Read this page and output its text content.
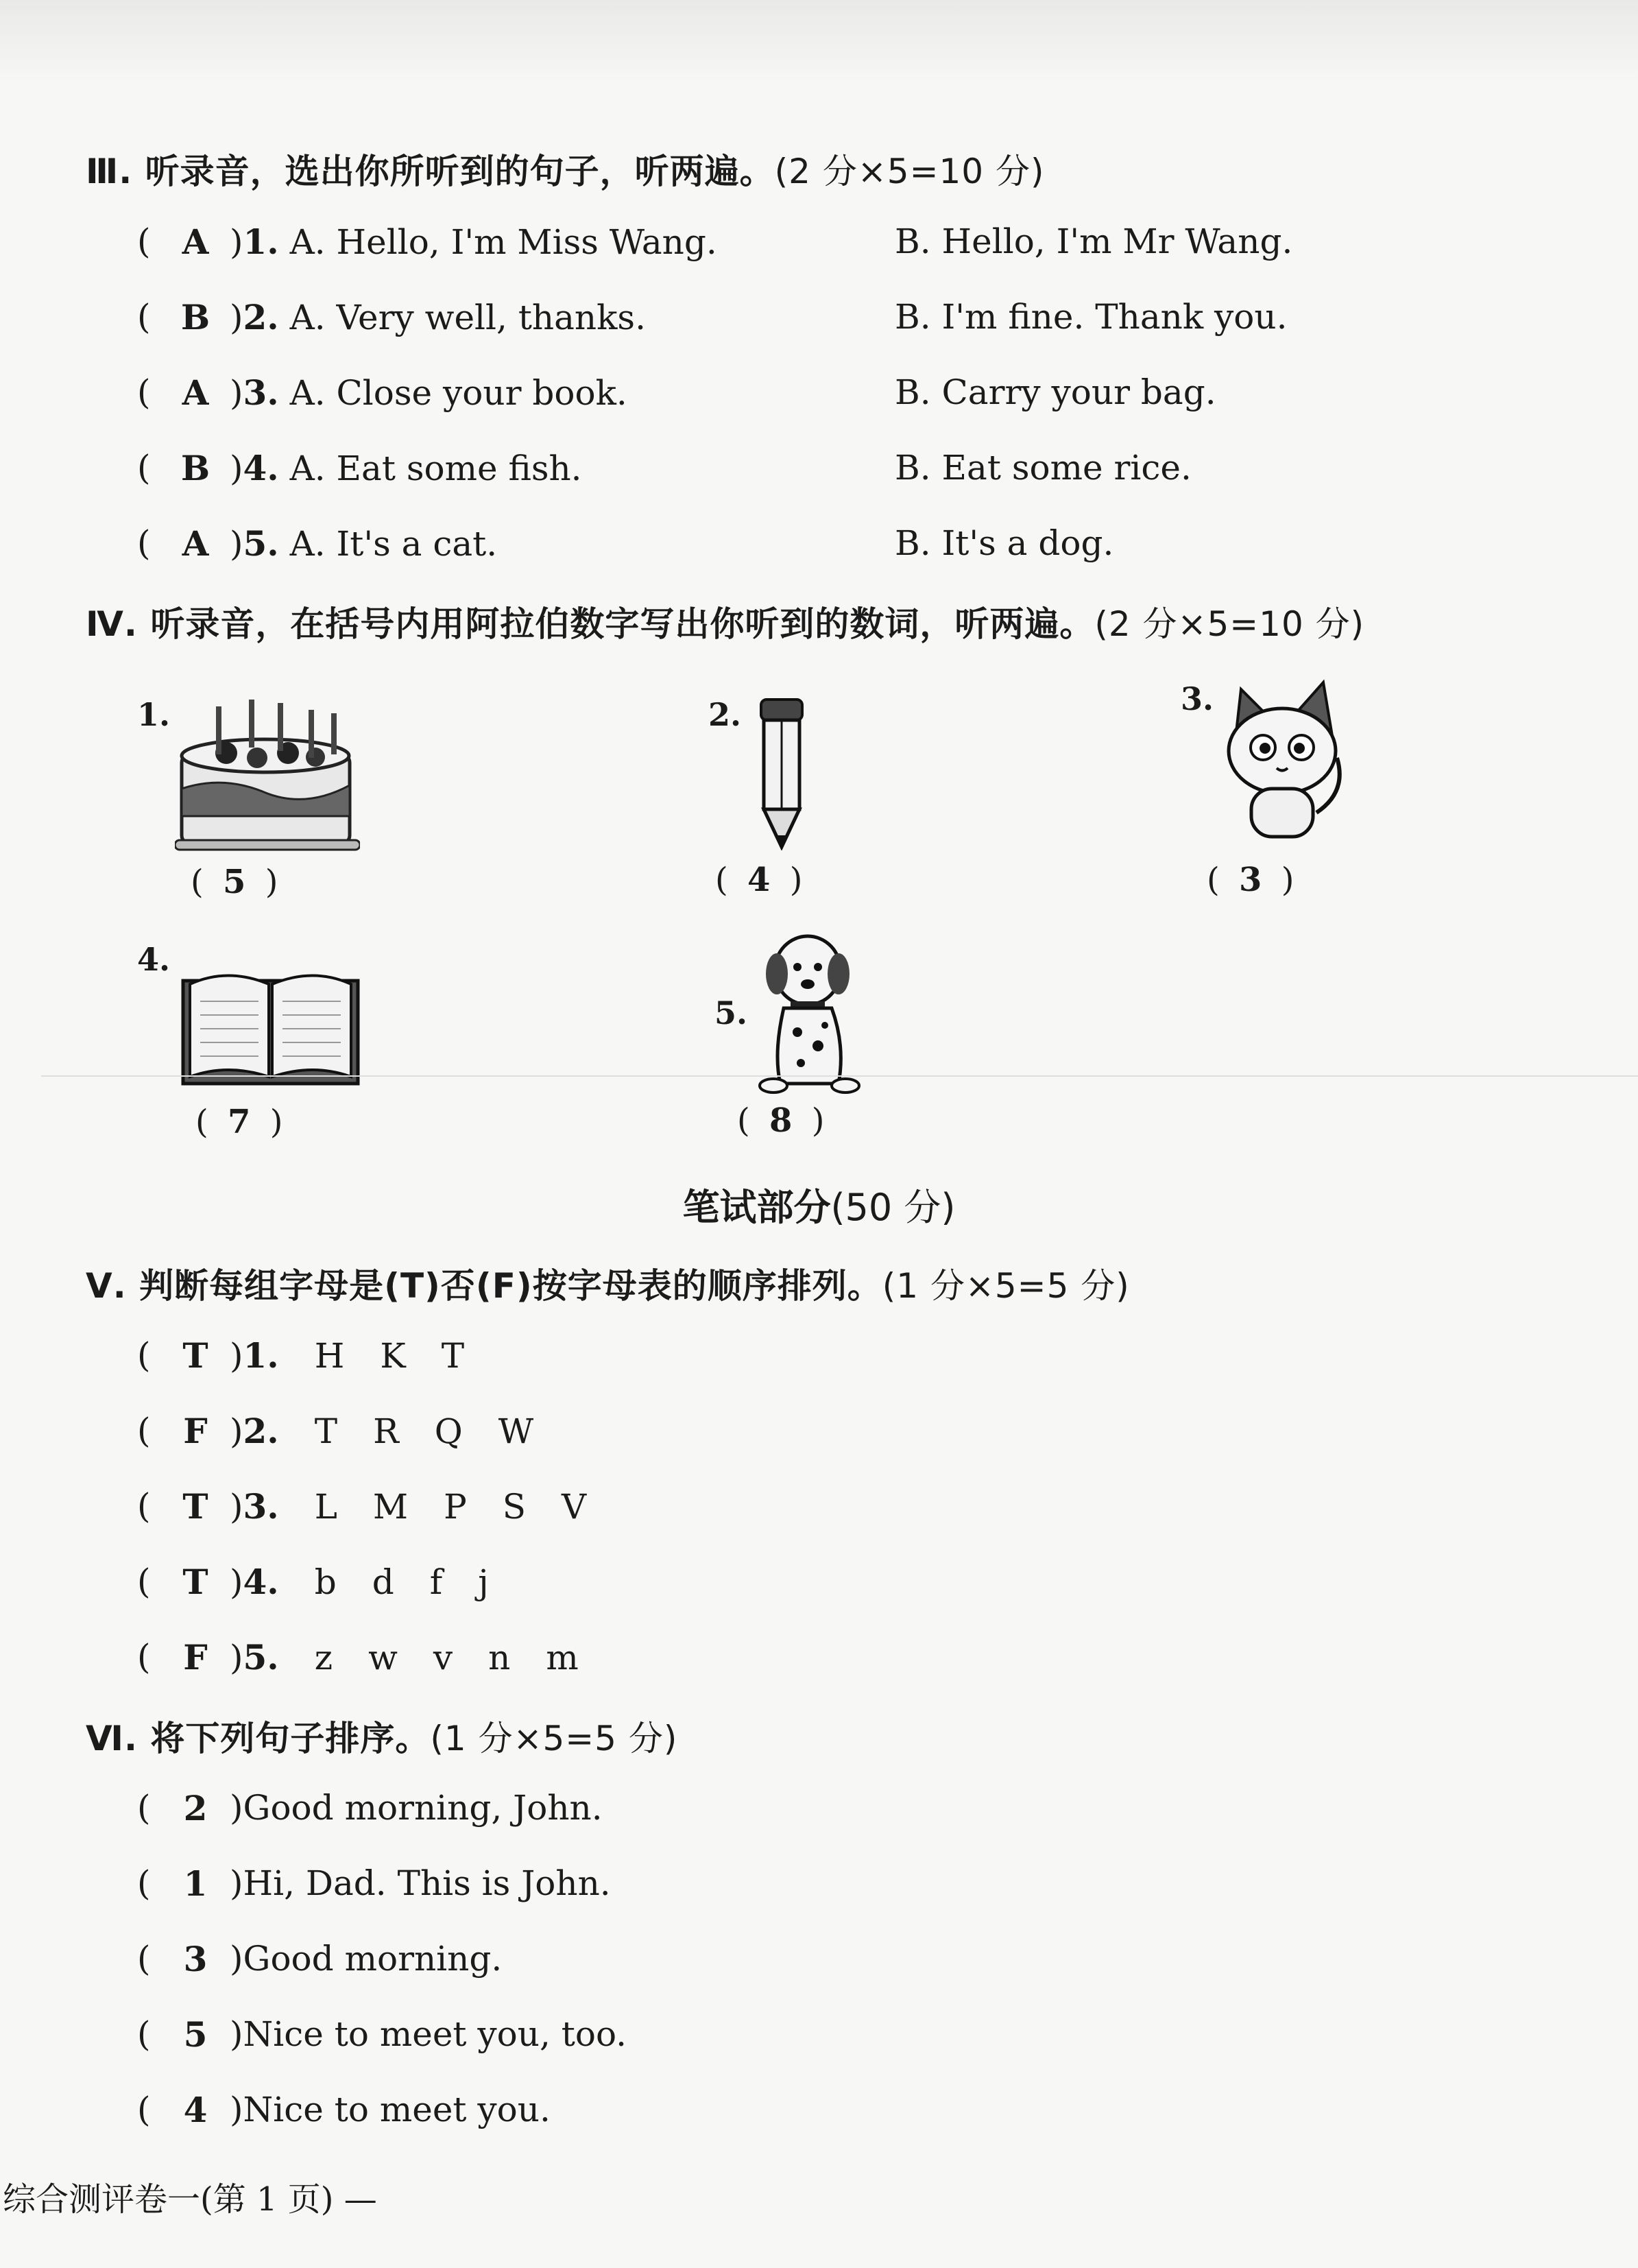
Ⅲ. 听录音，选出你所听到的句子，听两遍。(2 分×5=10 分)
( A )1. A. Hello, I'm Miss Wang.	B. Hello, I'm Mr Wang.
( B )2. A. Very well, thanks.	B. I'm fine. Thank you.
( A )3. A. Close your book.	B. Carry your bag.
( B )4. A. Eat some fish.	B. Eat some rice.
( A )5. A. It's a cat.	B. It's a dog.
Ⅳ. 听录音，在括号内用阿拉伯数字写出你听到的数词，听两遍。(2 分×5=10 分)
1.
( 5 )
2.
( 4 )
3.
( 3 )
4.
( 7 )
5.
( 8 )
笔试部分(50 分)
Ⅴ. 判断每组字母是(T)否(F)按字母表的顺序排列。(1 分×5=5 分)
( T )1. H K T
( F )2. T R Q W
( T )3. L M P S V
( T )4. b d f j
( F )5. z w v n m
Ⅵ. 将下列句子排序。(1 分×5=5 分)
( 2 )Good morning, John.
( 1 )Hi, Dad. This is John.
( 3 )Good morning.
( 5 )Nice to meet you, too.
( 4 )Nice to meet you.
综合测评卷一(第 1 页) —
